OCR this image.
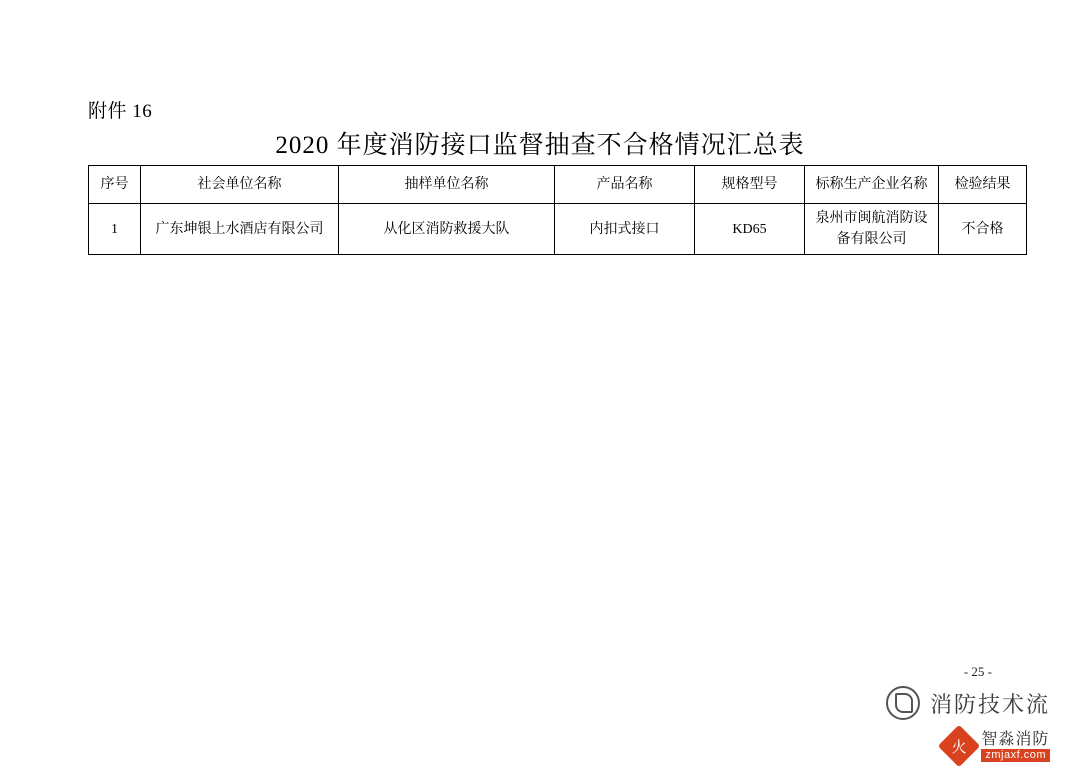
附件 16
2020 年度消防接口监督抽查不合格情况汇总表
序号	社会单位名称	抽样单位名称	产品名称	规格型号	标称生产企业名称	检验结果
1	广东坤银上水酒店有限公司	从化区消防救援大队	内扣式接口	KD65	泉州市闽航消防设备有限公司	不合格
- 25 -
消防技术流
火 智淼消防
zmjaxf.com
